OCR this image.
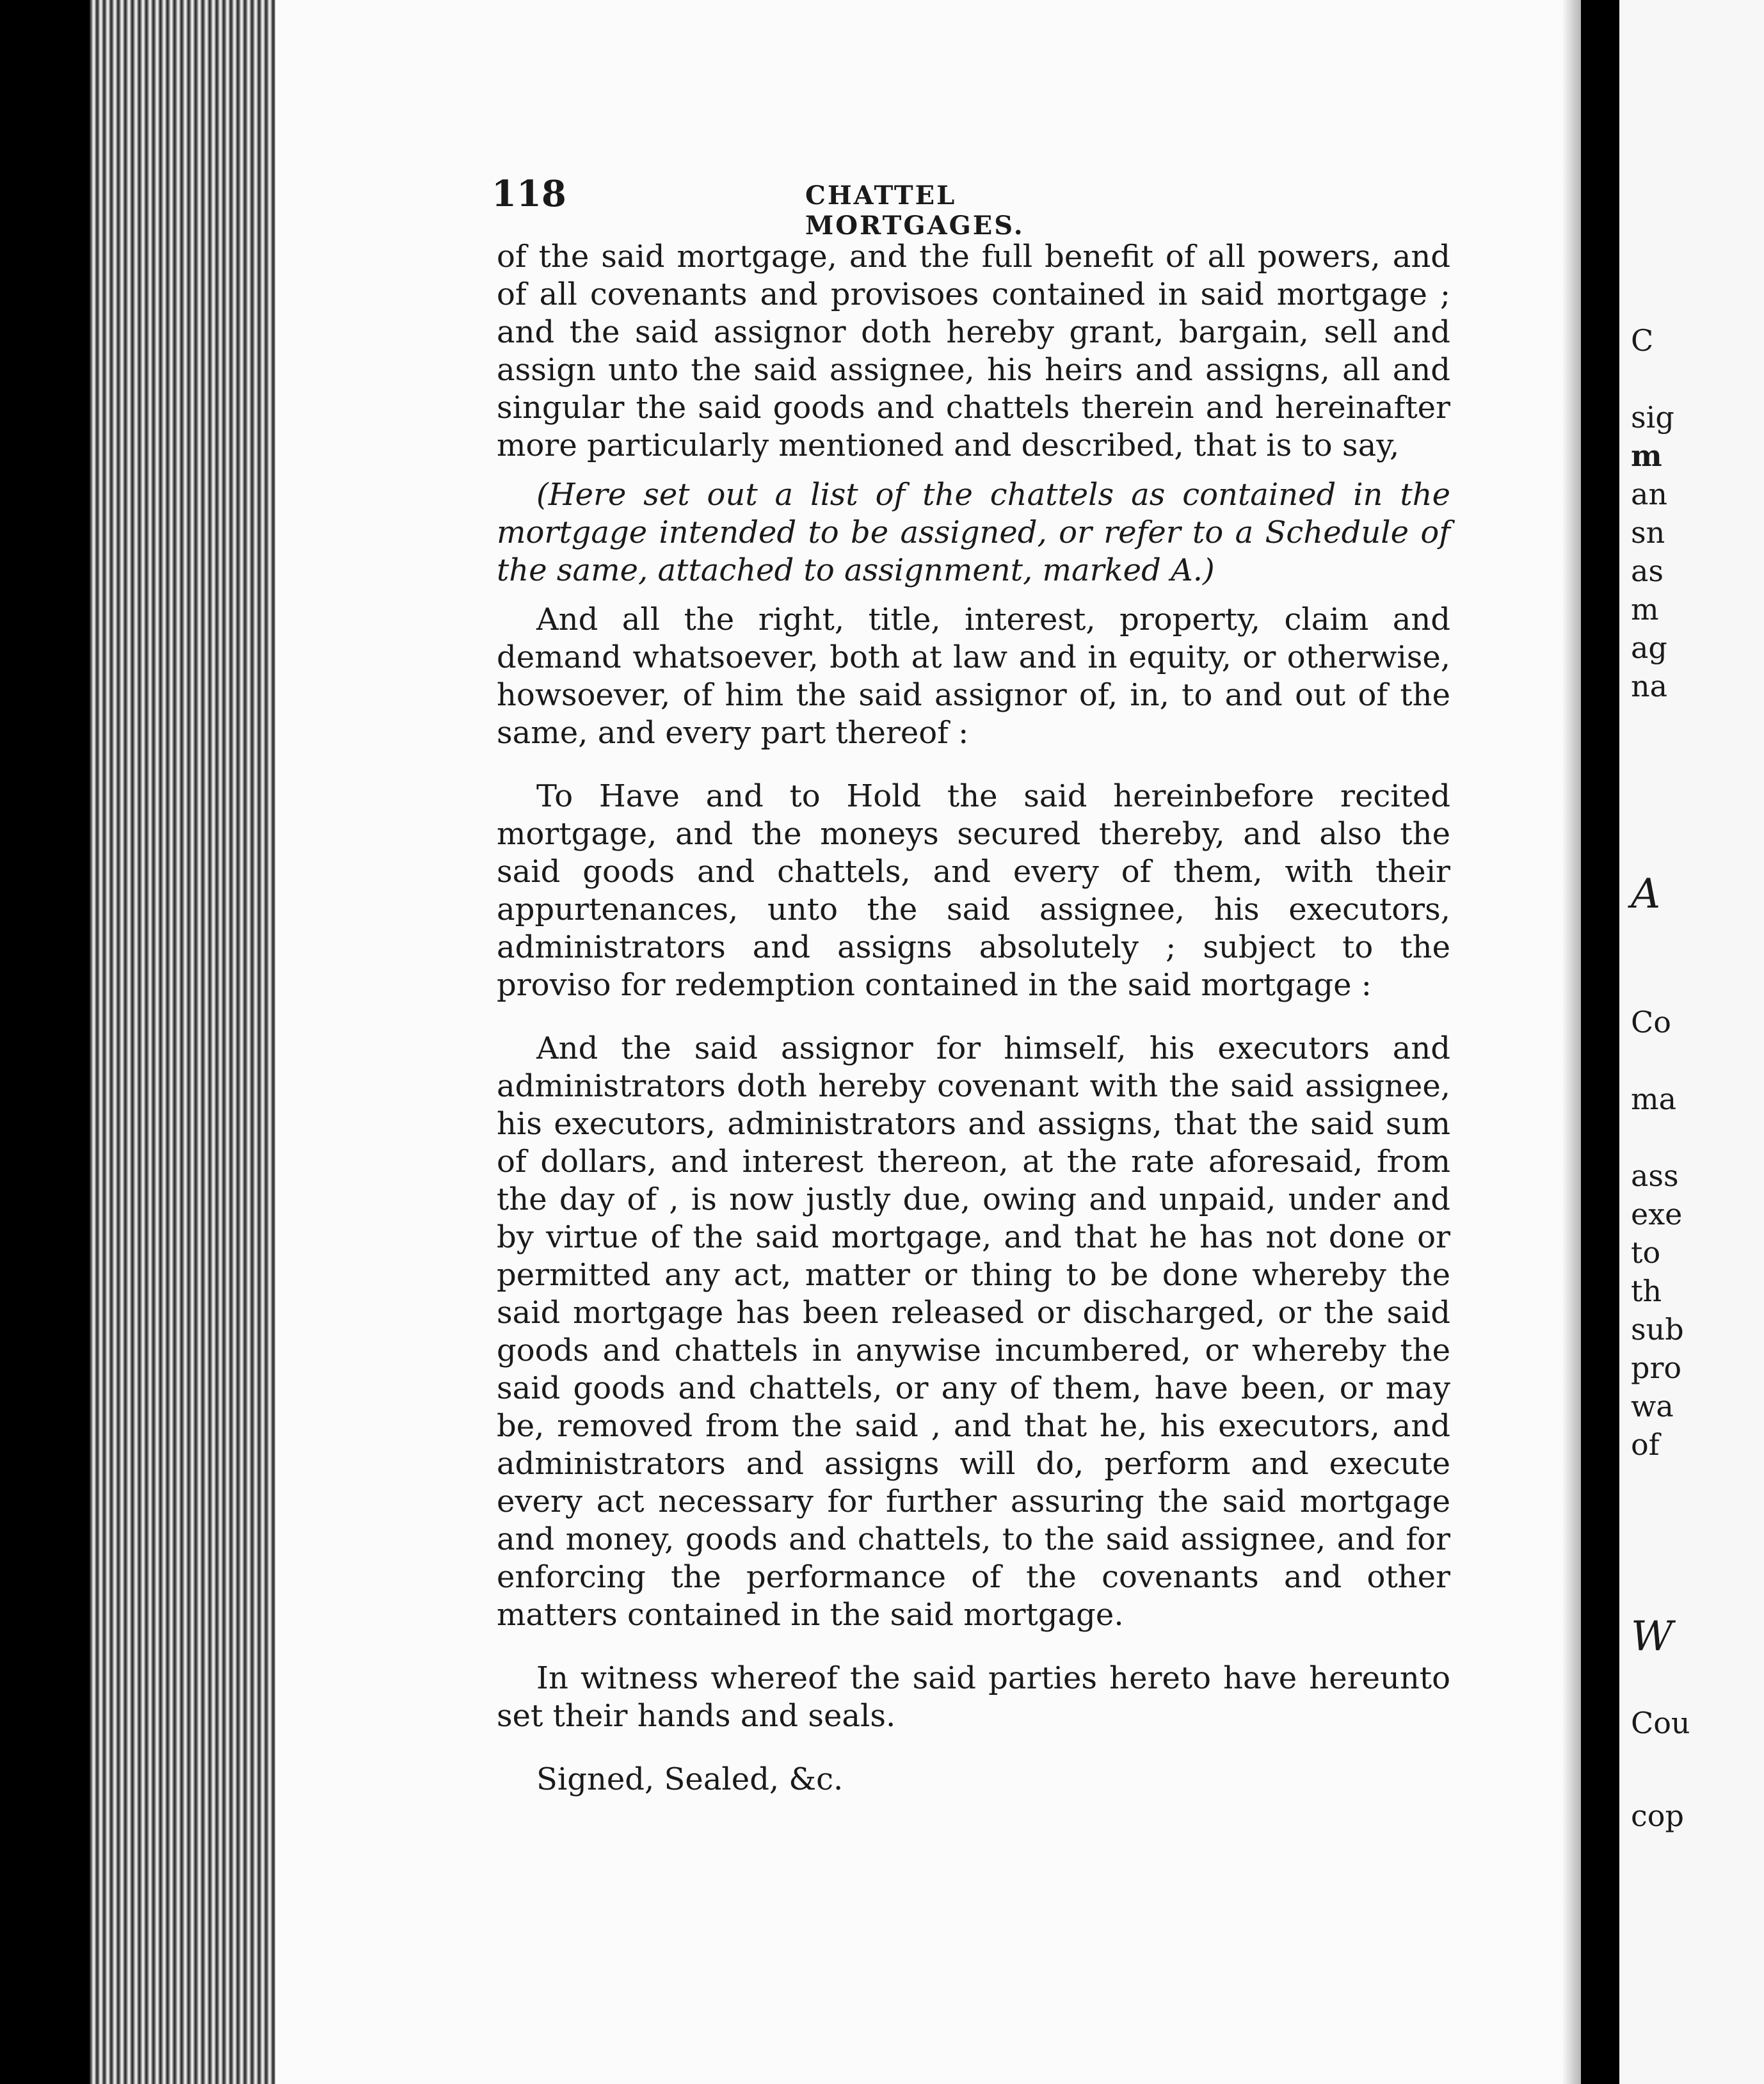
118	CHATTEL MORTGAGES.

of the said mortgage, and the full benefit of all powers, and of all covenants and provisoes contained in said mortgage ; and the said assignor doth hereby grant, bargain, sell and assign unto the said assignee, his heirs and assigns, all and singular the said goods and chattels therein and hereinafter more particularly mentioned and described, that is to say,

(Here set out a list of the chattels as contained in the mortgage intended to be assigned, or refer to a Schedule of the same, attached to assignment, marked A.)

And all the right, title, interest, property, claim and demand whatsoever, both at law and in equity, or otherwise, howsoever, of him the said assignor of, in, to and out of the same, and every part thereof :

To Have and to Hold the said hereinbefore recited mortgage, and the moneys secured thereby, and also the said goods and chattels, and every of them, with their appurtenances, unto the said assignee, his executors, administrators and assigns absolutely ; subject to the proviso for redemption contained in the said mortgage :

And the said assignor for himself, his executors and administrators doth hereby covenant with the said assignee, his executors, administrators and assigns, that the said sum of dollars, and interest thereon, at the rate aforesaid, from the day of , is now justly due, owing and unpaid, under and by virtue of the said mortgage, and that he has not done or permitted any act, matter or thing to be done whereby the said mortgage has been released or discharged, or the said goods and chattels in anywise incumbered, or whereby the said goods and chattels, or any of them, have been, or may be, removed from the said , and that he, his executors, and administrators and assigns will do, perform and execute every act necessary for further assuring the said mortgage and money, goods and chattels, to the said assignee, and for enforcing the performance of the covenants and other matters contained in the said mortgage.

In witness whereof the said parties hereto have hereunto set their hands and seals.

Signed, Sealed, &c.

C
sig
m
an
sn
as
m
ag
na
A
Co
ma
ass
exe
to
th
sub
pro
wa
of
W
Cou
cop
